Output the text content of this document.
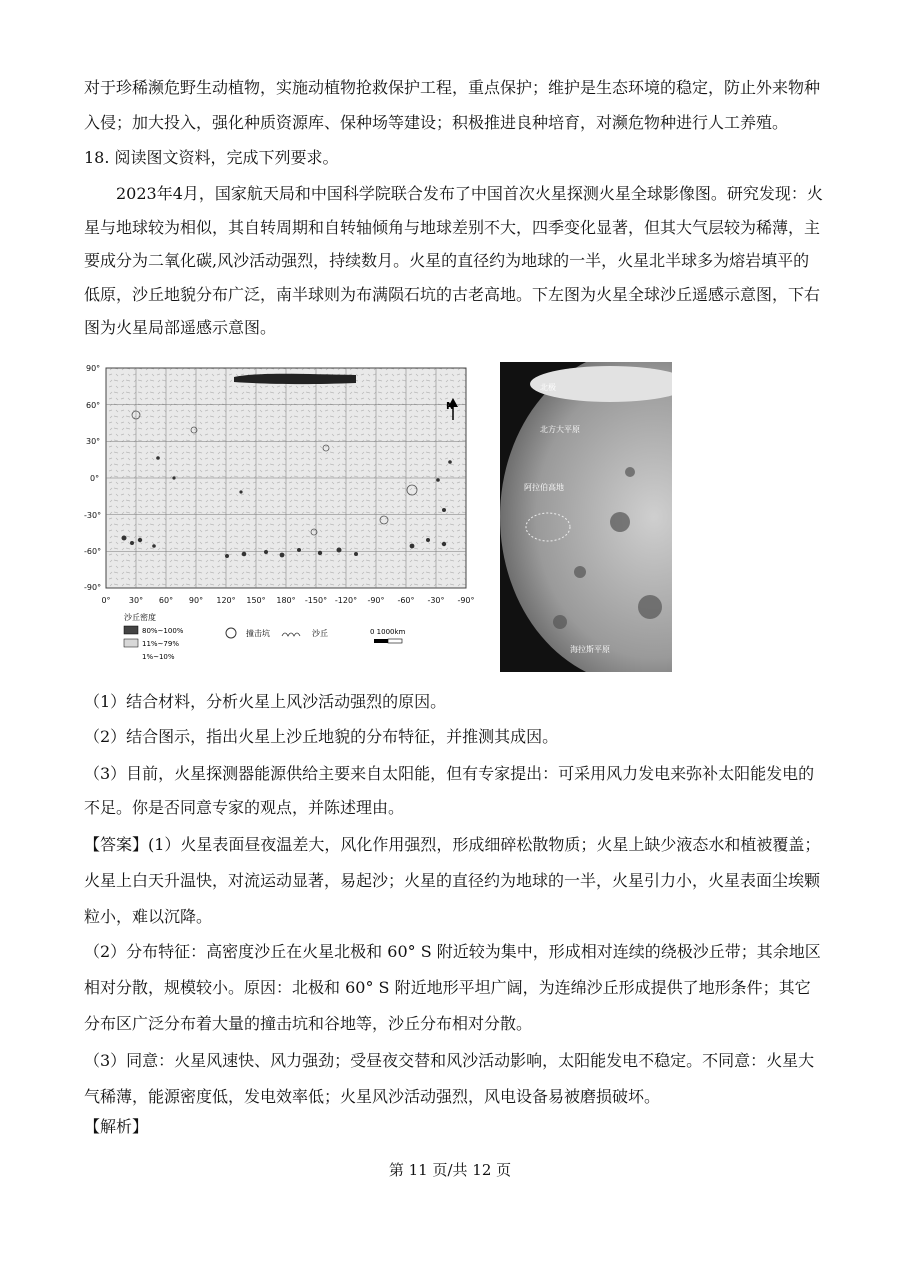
对于珍稀濒危野生动植物，实施动植物抢救保护工程，重点保护；维护是生态环境的稳定，防止外来物种
入侵；加大投入，强化种质资源库、保种场等建设；积极推进良种培育，对濒危物种进行人工养殖。
18. 阅读图文资料，完成下列要求。
2023年4月，国家航天局和中国科学院联合发布了中国首次火星探测火星全球影像图。研究发现：火星与地球较为相似，其自转周期和自转轴倾角与地球差别不大，四季变化显著，但其大气层较为稀薄，主要成分为二氧化碳,风沙活动强烈，持续数月。火星的直径约为地球的一半，火星北半球多为熔岩填平的低原，沙丘地貌分布广泛，南半球则为布满陨石坑的古老高地。下左图为火星全球沙丘遥感示意图，下右图为火星局部遥感示意图。
N
90°
60°
30°
0°
-30°
-60°
-90°
0° 30° 60° 90° 120° 150° 180° -150° -120° -90° -60° -30° -90°
沙丘密度
80%~100%
11%~79%
1%~10%
撞击坑	沙丘	0 1000km
北极
北方大平原
阿拉伯高地
海拉斯平原
（1）结合材料，分析火星上风沙活动强烈的原因。
（2）结合图示，指出火星上沙丘地貌的分布特征，并推测其成因。
（3）目前，火星探测器能源供给主要来自太阳能，但有专家提出：可采用风力发电来弥补太阳能发电的不足。你是否同意专家的观点，并陈述理由。
【答案】(1）火星表面昼夜温差大，风化作用强烈，形成细碎松散物质；火星上缺少液态水和植被覆盖；火星上白天升温快，对流运动显著，易起沙；火星的直径约为地球的一半，火星引力小，火星表面尘埃颗粒小，难以沉降。
（2）分布特征：高密度沙丘在火星北极和 60° S 附近较为集中，形成相对连续的绕极沙丘带；其余地区相对分散，规模较小。原因：北极和 60° S 附近地形平坦广阔，为连绵沙丘形成提供了地形条件；其它分布区广泛分布着大量的撞击坑和谷地等，沙丘分布相对分散。
（3）同意：火星风速快、风力强劲；受昼夜交替和风沙活动影响，太阳能发电不稳定。不同意：火星大气稀薄，能源密度低，发电效率低；火星风沙活动强烈，风电设备易被磨损破坏。
【解析】
第 11 页/共 12 页
